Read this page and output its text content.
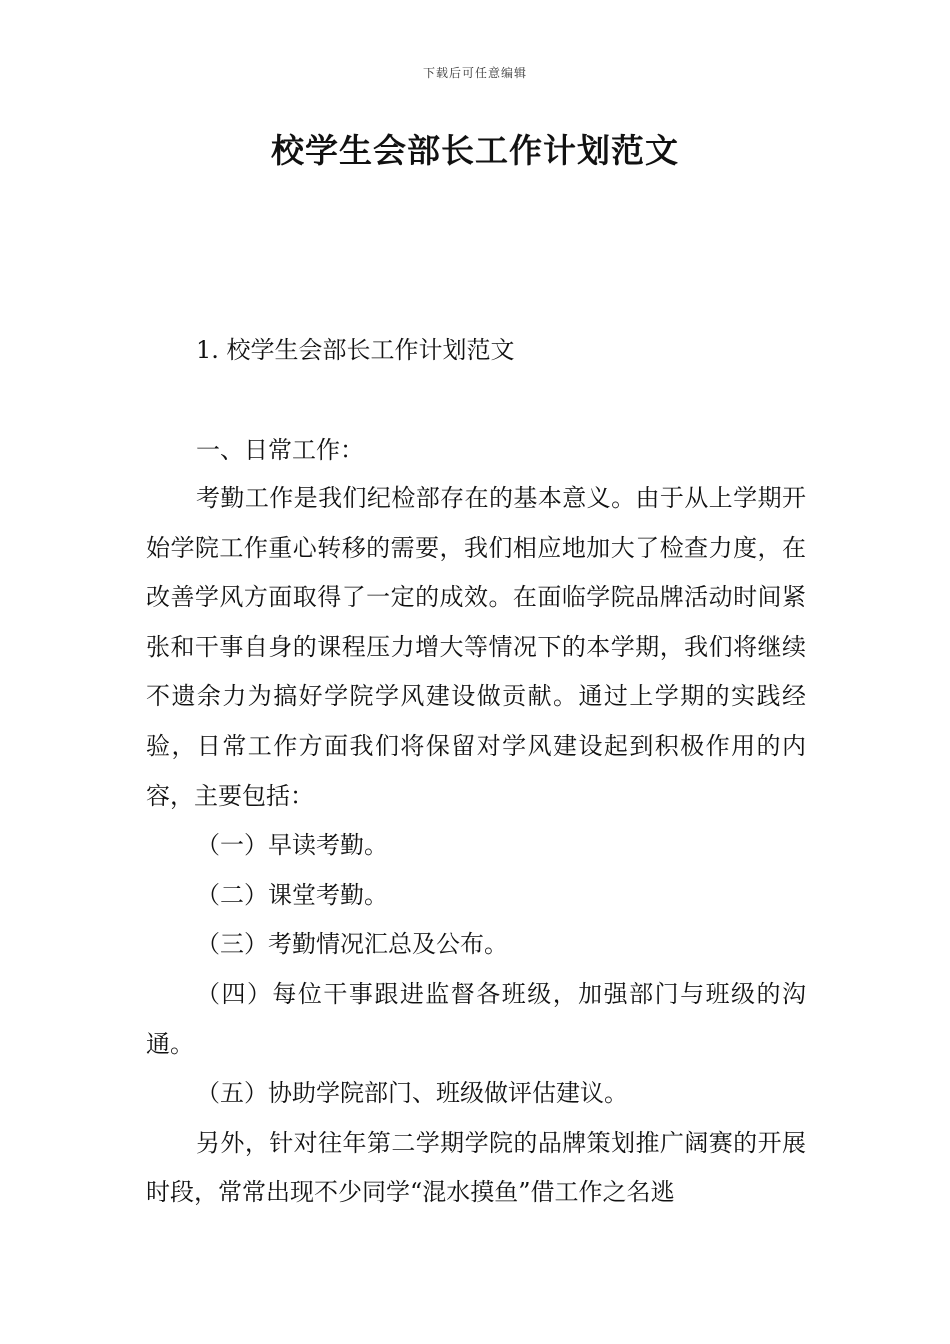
下载后可任意编辑
校学生会部长工作计划范文
1. 校学生会部长工作计划范文
一、日常工作：

考勤工作是我们纪检部存在的基本意义。由于从上学期开始学院工作重心转移的需要，我们相应地加大了检查力度，在改善学风方面取得了一定的成效。在面临学院品牌活动时间紧张和干事自身的课程压力增大等情况下的本学期，我们将继续不遗余力为搞好学院学风建设做贡献。通过上学期的实践经验，日常工作方面我们将保留对学风建设起到积极作用的内容，主要包括：

（一）早读考勤。

（二）课堂考勤。

（三）考勤情况汇总及公布。

（四）每位干事跟进监督各班级，加强部门与班级的沟通。

（五）协助学院部门、班级做评估建议。

另外，针对往年第二学期学院的品牌策划推广阔赛的开展时段，常常出现不少同学“混水摸鱼”借工作之名逃
